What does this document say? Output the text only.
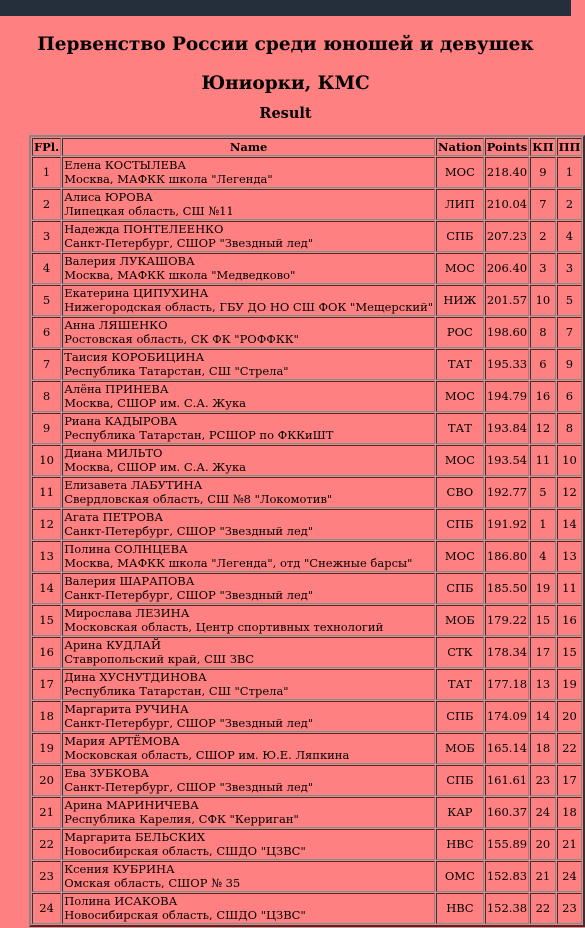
Первенство России среди юношей и девушек
Юниорки, КМС
Result
FPl.	Name	Nation	Points	КП	ПП
1	Елена КОСТЫЛЕВА
Москва, МАФКК школа "Легенда"	МОС	218.40	9	1
2	Алиса ЮРОВА
Липецкая область, СШ №11	ЛИП	210.04	7	2
3	Надежда ПОНТЕЛЕЕНКО
Санкт-Петербург, СШОР "Звездный лед"	СПБ	207.23	2	4
4	Валерия ЛУКАШОВА
Москва, МАФКК школа "Медведково"	МОС	206.40	3	3
5	Екатерина ЦИПУХИНА
Нижегородская область, ГБУ ДО НО СШ ФОК "Мещерский"	НИЖ	201.57	10	5
6	Анна ЛЯШЕНКО
Ростовская область, СК ФК "РОФФКК"	РОС	198.60	8	7
7	Таисия КОРОБИЦИНА
Республика Татарстан, СШ "Стрела"	ТАТ	195.33	6	9
8	Алёна ПРИНЕВА
Москва, СШОР им. С.А. Жука	МОС	194.79	16	6
9	Риана КАДЫРОВА
Республика Татарстан, РСШОР по ФККиШТ	ТАТ	193.84	12	8
10	Диана МИЛЬТО
Москва, СШОР им. С.А. Жука	МОС	193.54	11	10
11	Елизавета ЛАБУТИНА
Свердловская область, СШ №8 "Локомотив"	СВО	192.77	5	12
12	Агата ПЕТРОВА
Санкт-Петербург, СШОР "Звездный лед"	СПБ	191.92	1	14
13	Полина СОЛНЦЕВА
Москва, МАФКК школа "Легенда", отд "Снежные барсы"	МОС	186.80	4	13
14	Валерия ШАРАПОВА
Санкт-Петербург, СШОР "Звездный лед"	СПБ	185.50	19	11
15	Мирослава ЛЕЗИНА
Московская область, Центр спортивных технологий	МОБ	179.22	15	16
16	Арина КУДЛАЙ
Ставропольский край, СШ ЗВС	СТК	178.34	17	15
17	Дина ХУСНУТДИНОВА
Республика Татарстан, СШ "Стрела"	ТАТ	177.18	13	19
18	Маргарита РУЧИНА
Санкт-Петербург, СШОР "Звездный лед"	СПБ	174.09	14	20
19	Мария АРТЁМОВА
Московская область, СШОР им. Ю.Е. Ляпкина	МОБ	165.14	18	22
20	Ева ЗУБКОВА
Санкт-Петербург, СШОР "Звездный лед"	СПБ	161.61	23	17
21	Арина МАРИНИЧЕВА
Республика Карелия, СФК "Керриган"	КАР	160.37	24	18
22	Маргарита БЕЛЬСКИХ
Новосибирская область, СШДО "ЦЗВС"	НВС	155.89	20	21
23	Ксения КУБРИНА
Омская область, СШОР № 35	ОМС	152.83	21	24
24	Полина ИСАКОВА
Новосибирская область, СШДО "ЦЗВС"	НВС	152.38	22	23
